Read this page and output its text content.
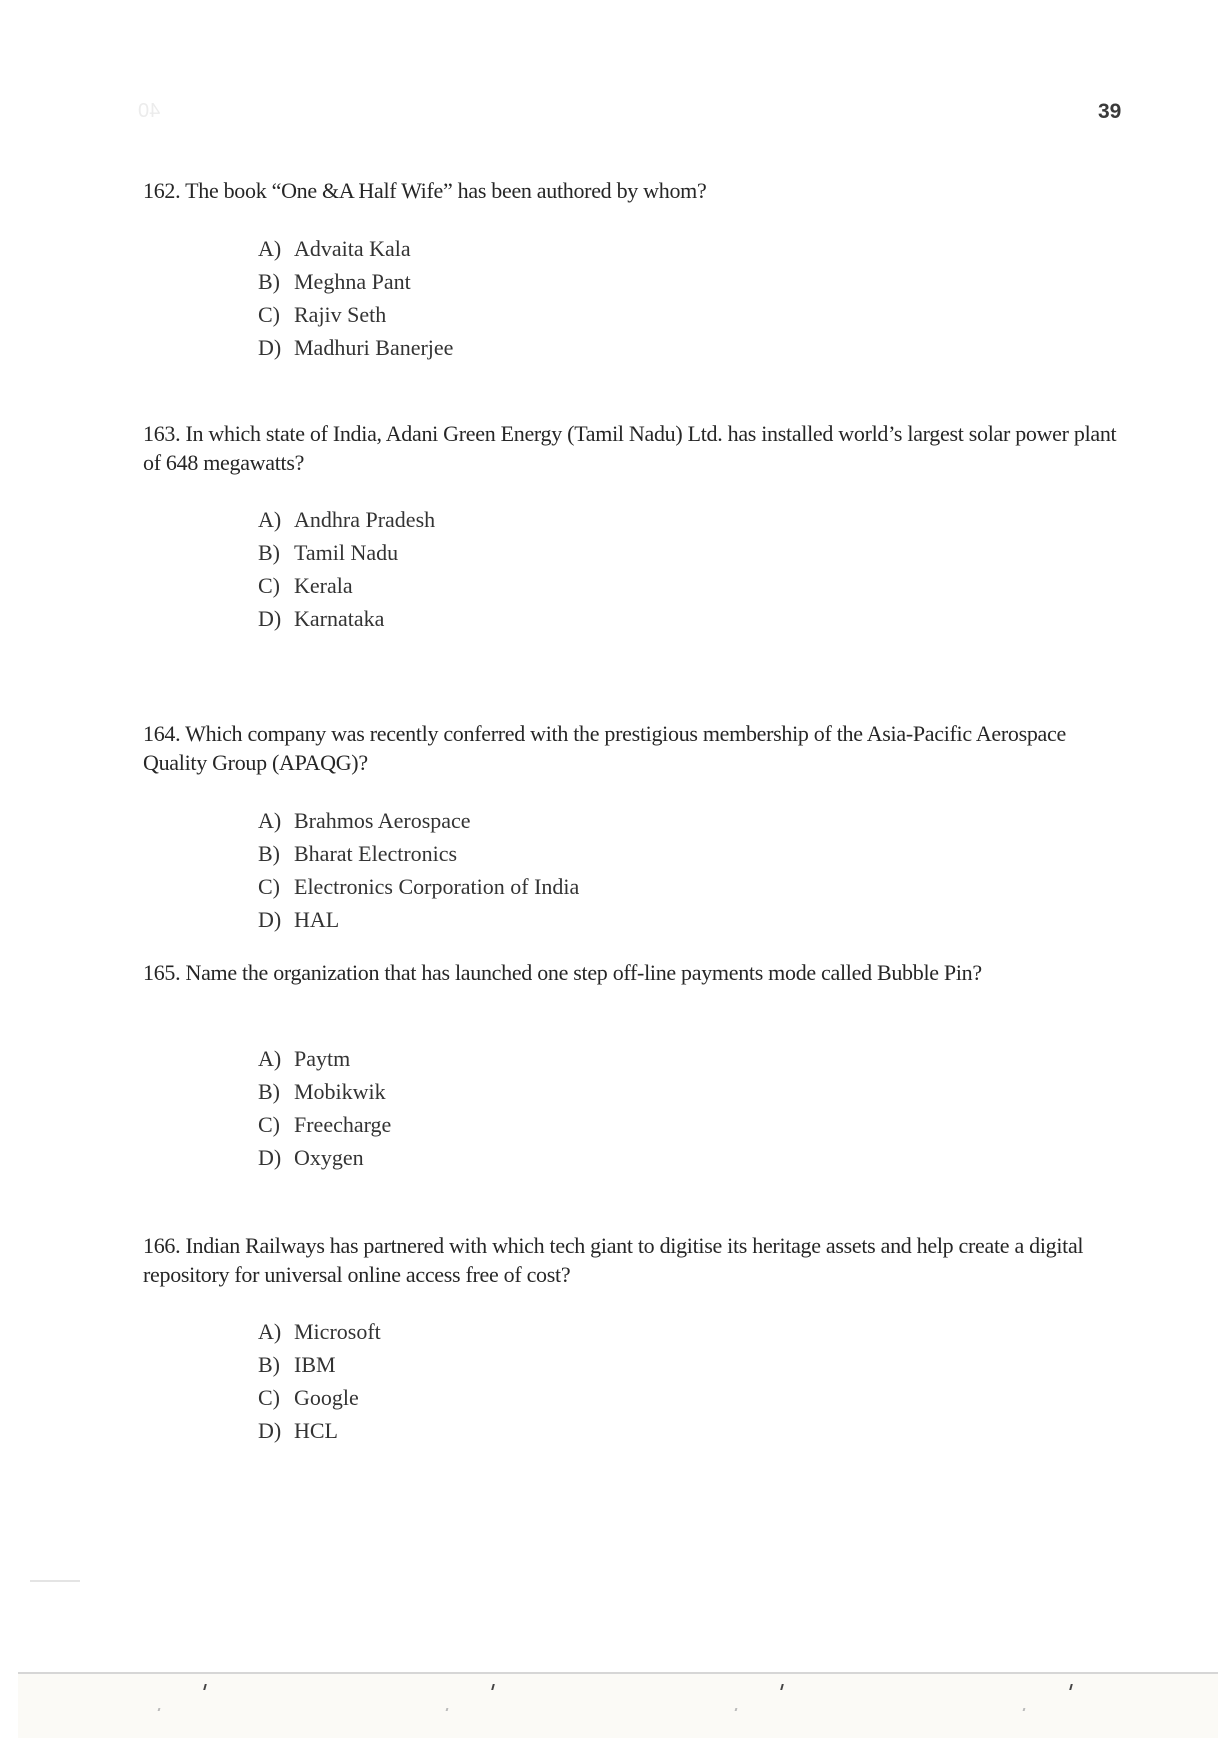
40	39

162. The book “One &A Half Wife” has been authored by whom?

A) Advaita Kala
B) Meghna Pant
C) Rajiv Seth
D) Madhuri Banerjee

163. In which state of India, Adani Green Energy (Tamil Nadu) Ltd. has installed world’s largest solar power plant of 648 megawatts?

A) Andhra Pradesh
B) Tamil Nadu
C) Kerala
D) Karnataka

164. Which company was recently conferred with the prestigious membership of the Asia-Pacific Aerospace Quality Group (APAQG)?

A) Brahmos Aerospace
B) Bharat Electronics
C) Electronics Corporation of India
D) HAL

165. Name the organization that has launched one step off-line payments mode called Bubble Pin?

A) Paytm
B) Mobikwik
C) Freecharge
D) Oxygen

166. Indian Railways has partnered with which tech giant to digitise its heritage assets and help create a digital repository for universal online access free of cost?

A) Microsoft
B) IBM
C) Google
D) HCL
